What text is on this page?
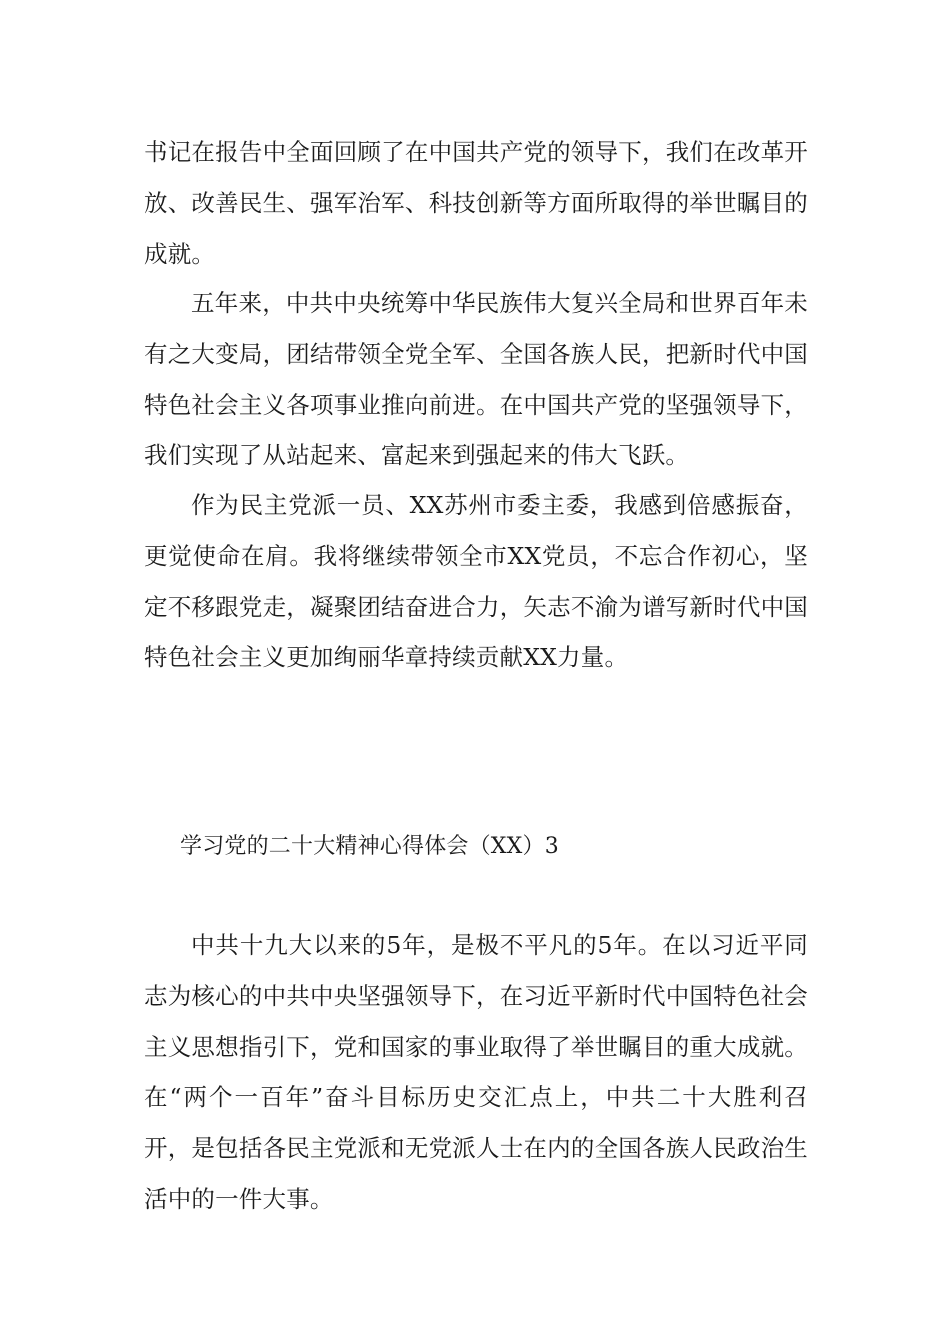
书记在报告中全面回顾了在中国共产党的领导下，我们在改革开放、改善民生、强军治军、科技创新等方面所取得的举世瞩目的成就。

五年来，中共中央统筹中华民族伟大复兴全局和世界百年未有之大变局，团结带领全党全军、全国各族人民，把新时代中国特色社会主义各项事业推向前进。在中国共产党的坚强领导下，我们实现了从站起来、富起来到强起来的伟大飞跃。

作为民主党派一员、XX苏州市委主委，我感到倍感振奋，更觉使命在肩。我将继续带领全市XX党员，不忘合作初心，坚定不移跟党走，凝聚团结奋进合力，矢志不渝为谱写新时代中国特色社会主义更加绚丽华章持续贡献XX力量。

学习党的二十大精神心得体会（XX）3

中共十九大以来的5年，是极不平凡的5年。在以习近平同志为核心的中共中央坚强领导下，在习近平新时代中国特色社会主义思想指引下，党和国家的事业取得了举世瞩目的重大成就。在“两个一百年”奋斗目标历史交汇点上，中共二十大胜利召开，是包括各民主党派和无党派人士在内的全国各族人民政治生活中的一件大事。
